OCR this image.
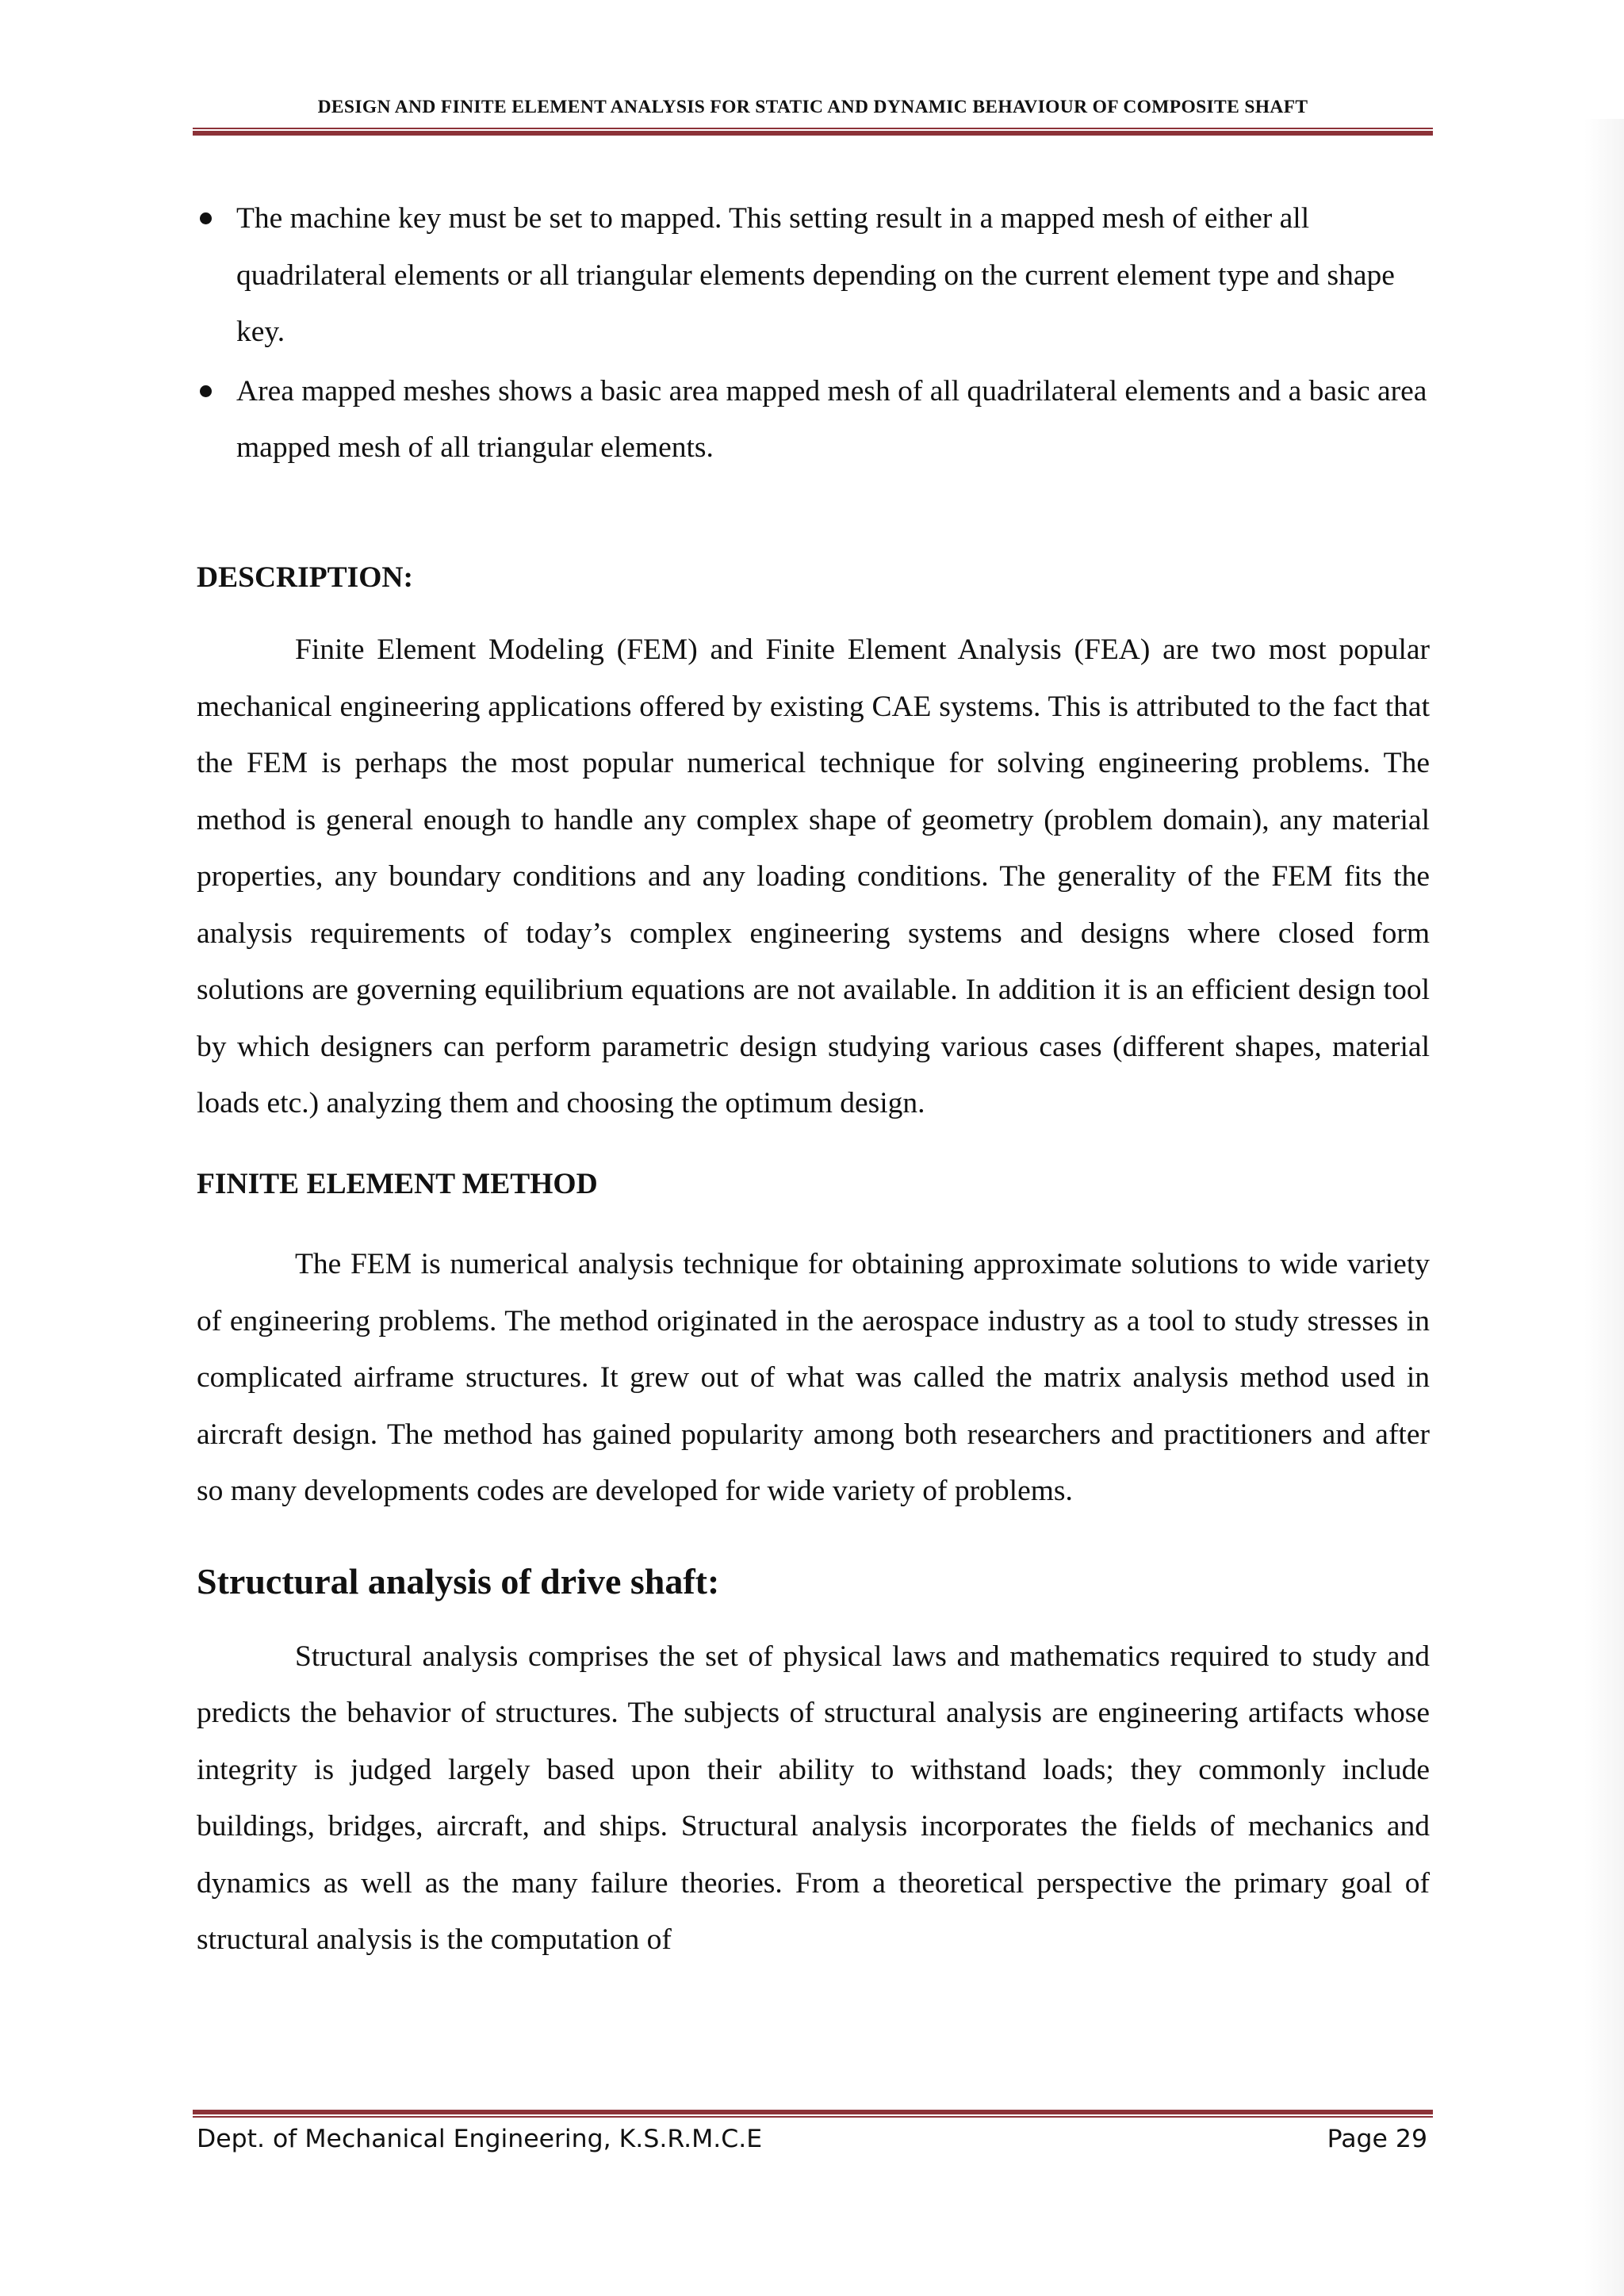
DESIGN AND FINITE ELEMENT ANALYSIS FOR STATIC AND DYNAMIC BEHAVIOUR OF COMPOSITE SHAFT
The machine key must be set to mapped. This setting result in a mapped mesh of either all quadrilateral elements or all triangular elements depending on the current element type and shape key.
Area mapped meshes shows a basic area mapped mesh of all quadrilateral elements and a basic area mapped mesh of all triangular elements.

DESCRIPTION:

Finite Element Modeling (FEM) and Finite Element Analysis (FEA) are two most popular mechanical engineering applications offered by existing CAE systems. This is attributed to the fact that the FEM is perhaps the most popular numerical technique for solving engineering problems. The method is general enough to handle any complex shape of geometry (problem domain), any material properties, any boundary conditions and any loading conditions. The generality of the FEM fits the analysis requirements of today’s complex engineering systems and designs where closed form solutions are governing equilibrium equations are not available. In addition it is an efficient design tool by which designers can perform parametric design studying various cases (different shapes, material loads etc.) analyzing them and choosing the optimum design.

FINITE ELEMENT METHOD

The FEM is numerical analysis technique for obtaining approximate solutions to wide variety of engineering problems. The method originated in the aerospace industry as a tool to study stresses in complicated airframe structures. It grew out of what was called the matrix analysis method used in aircraft design. The method has gained popularity among both researchers and practitioners and after so many developments codes are developed for wide variety of problems.

Structural analysis of drive shaft:

Structural analysis comprises the set of physical laws and mathematics required to study and predicts the behavior of structures. The subjects of structural analysis are engineering artifacts whose integrity is judged largely based upon their ability to withstand loads; they commonly include buildings, bridges, aircraft, and ships. Structural analysis incorporates the fields of mechanics and dynamics as well as the many failure theories. From a theoretical perspective the primary goal of structural analysis is the computation of

Dept. of Mechanical Engineering, K.S.R.M.C.E	Page 29
